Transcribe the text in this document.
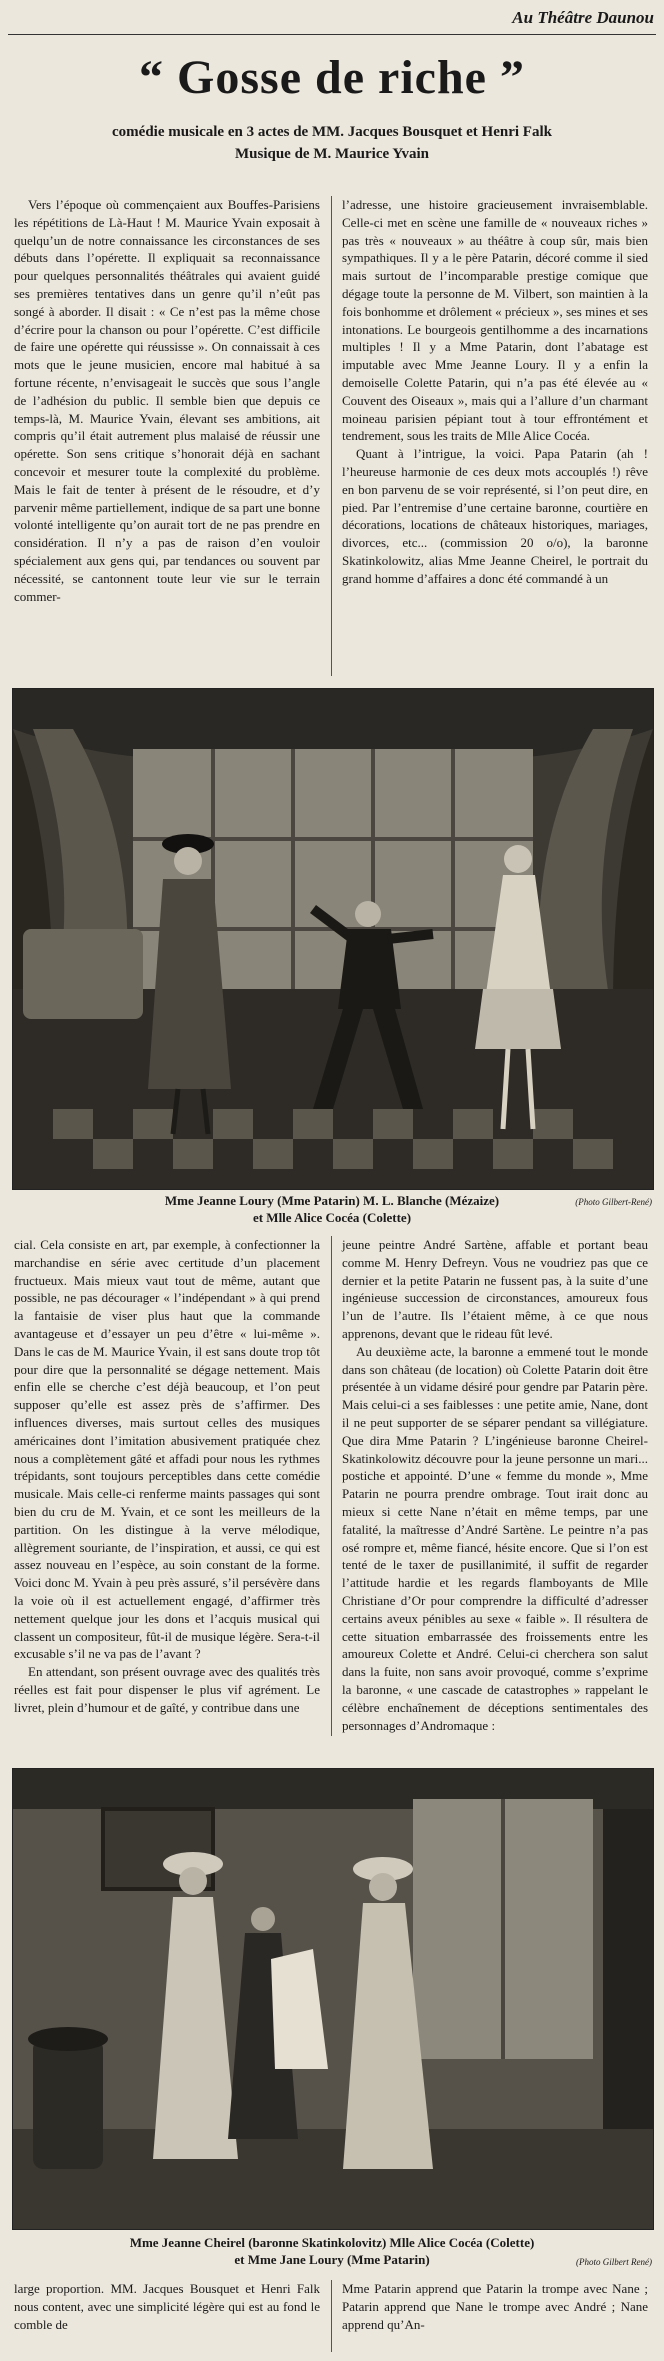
Au Théâtre Daunou
“ Gosse de riche ”
comédie musicale en 3 actes de MM. Jacques Bousquet et Henri Falk
Musique de M. Maurice Yvain

Vers l’époque où commençaient aux Bouffes-Parisiens les répétitions de Là-Haut ! M. Maurice Yvain exposait à quelqu’un de notre connaissance les circonstances de ses débuts dans l’opérette. Il expliquait sa reconnaissance pour quelques personnalités théâtrales qui avaient guidé ses premières tentatives dans un genre qu’il n’eût pas songé à aborder. Il disait : « Ce n’est pas la même chose d’écrire pour la chanson ou pour l’opérette. C’est difficile de faire une opérette qui réussisse ». On connaissait à ces mots que le jeune musicien, encore mal habitué à sa fortune récente, n’envisageait le succès que sous l’angle de l’adhésion du public. Il semble bien que depuis ce temps-là, M. Maurice Yvain, élevant ses ambitions, ait compris qu’il était autrement plus malaisé de réussir une opérette. Son sens critique s’honorait déjà en sachant concevoir et mesurer toute la complexité du problème. Mais le fait de tenter à présent de le résoudre, et d’y parvenir même partiellement, indique de sa part une bonne volonté intelligente qu’on aurait tort de ne pas prendre en considération. Il n’y a pas de raison d’en vouloir spécialement aux gens qui, par tendances ou souvent par nécessité, se cantonnent toute leur vie sur le terrain commer-

l’adresse, une histoire gracieusement invraisemblable. Celle-ci met en scène une famille de « nouveaux riches » pas très « nouveaux » au théâtre à coup sûr, mais bien sympathiques. Il y a le père Patarin, décoré comme il sied mais surtout de l’incomparable prestige comique que dégage toute la personne de M. Vilbert, son maintien à la fois bonhomme et drôlement « précieux », ses mines et ses intonations. Le bourgeois gentilhomme a des incarnations multiples ! Il y a Mme Patarin, dont l’abatage est imputable avec Mme Jeanne Loury. Il y a enfin la demoiselle Colette Patarin, qui n’a pas été élevée au « Couvent des Oiseaux », mais qui a l’allure d’un charmant moineau parisien pépiant tout à tour effrontément et tendrement, sous les traits de Mlle Alice Cocéa.

Quant à l’intrigue, la voici. Papa Patarin (ah ! l’heureuse harmonie de ces deux mots accouplés !) rêve en bon parvenu de se voir représenté, si l’on peut dire, en pied. Par l’entremise d’une certaine baronne, courtière en décorations, locations de châteaux historiques, mariages, divorces, etc... (commission 20 o/o), la baronne Skatinkolowitz, alias Mme Jeanne Cheirel, le portrait du grand homme d’affaires a donc été commandé à un

Mme Jeanne Loury (Mme Patarin) M. L. Blanche (Mézaize)
et Mlle Alice Cocéa (Colette)
(Photo Gilbert-René)

cial. Cela consiste en art, par exemple, à confectionner la marchandise en série avec certitude d’un placement fructueux. Mais mieux vaut tout de même, autant que possible, ne pas décourager « l’indépendant » à qui prend la fantaisie de viser plus haut que la commande avantageuse et d’essayer un peu d’être « lui-même ». Dans le cas de M. Maurice Yvain, il est sans doute trop tôt pour dire que la personnalité se dégage nettement. Mais enfin elle se cherche c’est déjà beaucoup, et l’on peut supposer qu’elle est assez près de s’affirmer. Des influences diverses, mais surtout celles des musiques américaines dont l’imitation abusivement pratiquée chez nous a complètement gâté et affadi pour nous les rythmes trépidants, sont toujours perceptibles dans cette comédie musicale. Mais celle-ci renferme maints passages qui sont bien du cru de M. Yvain, et ce sont les meilleurs de la partition. On les distingue à la verve mélodique, allègrement souriante, de l’inspiration, et aussi, ce qui est assez nouveau en l’espèce, au soin constant de la forme. Voici donc M. Yvain à peu près assuré, s’il persévère dans la voie où il est actuellement engagé, d’affirmer très nettement quelque jour les dons et l’acquis musical qui classent un compositeur, fût-il de musique légère. Sera-t-il excusable s’il ne va pas de l’avant ?

En attendant, son présent ouvrage avec des qualités très réelles est fait pour dispenser le plus vif agrément. Le livret, plein d’humour et de gaîté, y contribue dans une

jeune peintre André Sartène, affable et portant beau comme M. Henry Defreyn. Vous ne voudriez pas que ce dernier et la petite Patarin ne fussent pas, à la suite d’une ingénieuse succession de circonstances, amoureux fous l’un de l’autre. Ils l’étaient même, à ce que nous apprenons, devant que le rideau fût levé.

Au deuxième acte, la baronne a emmené tout le monde dans son château (de location) où Colette Patarin doit être présentée à un vidame désiré pour gendre par Patarin père. Mais celui-ci a ses faiblesses : une petite amie, Nane, dont il ne peut supporter de se séparer pendant sa villégiature. Que dira Mme Patarin ? L’ingénieuse baronne Cheirel-Skatinkolowitz découvre pour la jeune personne un mari... postiche et appointé. D’une « femme du monde », Mme Patarin ne pourra prendre ombrage. Tout irait donc au mieux si cette Nane n’était en même temps, par une fatalité, la maîtresse d’André Sartène. Le peintre n’a pas osé rompre et, même fiancé, hésite encore. Que si l’on est tenté de le taxer de pusillanimité, il suffit de regarder l’attitude hardie et les regards flamboyants de Mlle Christiane d’Or pour comprendre la difficulté d’adresser certains aveux pénibles au sexe « faible ». Il résultera de cette situation embarrassée des froissements entre les amoureux Colette et André. Celui-ci cherchera son salut dans la fuite, non sans avoir provoqué, comme s’exprime la baronne, « une cascade de catastrophes » rappelant le célèbre enchaînement de déceptions sentimentales des personnages d’Andromaque :

Mme Jeanne Cheirel (baronne Skatinkolovitz) Mlle Alice Cocéa (Colette)
et Mme Jane Loury (Mme Patarin)	(Photo Gilbert René)

large proportion. MM. Jacques Bousquet et Henri Falk nous content, avec une simplicité légère qui est au fond le comble de

Mme Patarin apprend que Patarin la trompe avec Nane ; Patarin apprend que Nane le trompe avec André ; Nane apprend qu’An-
